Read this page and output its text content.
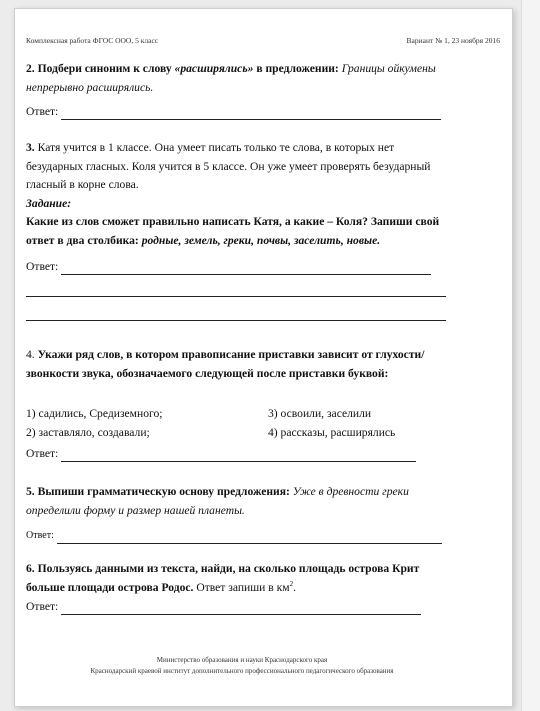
Комплексная работа ФГОС ООО, 5 класс	Вариант № 1, 23 ноября 2016
2. Подбери синоним к слову «расширялись» в предложении: Границы ойкумены непрерывно расширялись.
Ответ:
3. Катя учится в 1 классе. Она умеет писать только те слова, в которых нет безударных гласных. Коля учится в 5 классе. Он уже умеет проверять безударный гласный в корне слова.
Задание:
Какие из слов сможет правильно написать Катя, а какие – Коля? Запиши свой ответ в два столбика: родные, земель, греки, почвы, заселить, новые.
Ответ:
4. Укажи ряд слов, в котором правописание приставки зависит от глухости/звонкости звука, обозначаемого следующей после приставки буквой:
1) садились, Средиземного;	3) освоили, заселили
2) заставляло, создавали;	4) рассказы, расширялись
Ответ:
5. Выпиши грамматическую основу предложения: Уже в древности греки определили форму и размер нашей планеты.
Ответ:
6. Пользуясь данными из текста, найди, на сколько площадь острова Крит больше площади острова Родос. Ответ запиши в $км^2$.
Ответ:
Министерство образования и науки Краснодарского края
Краснодарский краевой институт дополнительного профессионального педагогического образования
